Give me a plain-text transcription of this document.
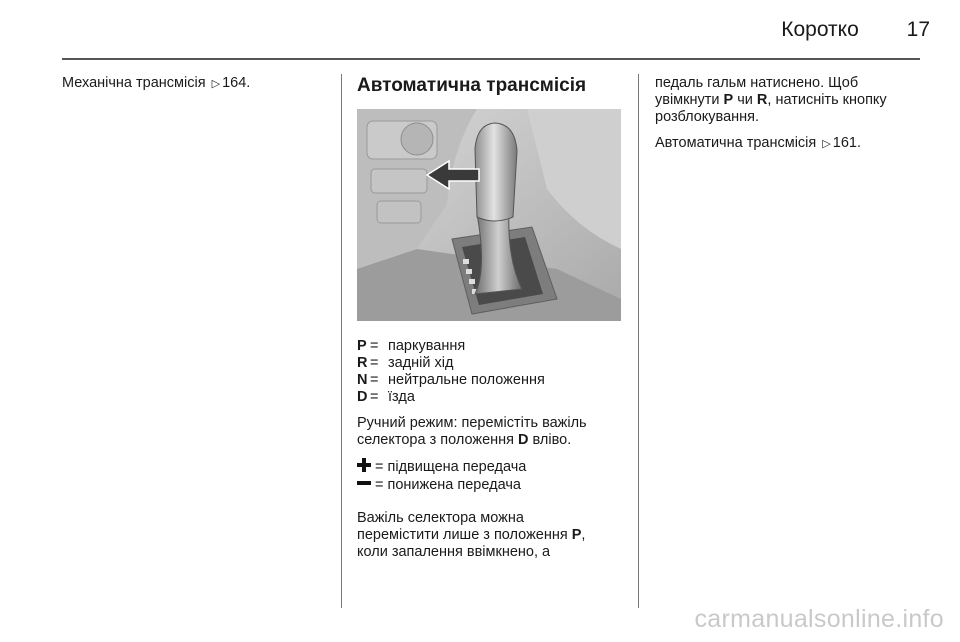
Коротко	17
Механічна трансмісія ▷ 164.	Автоматична трансмісія
P = паркування
R = задній хід
N = нейтральне положення
D = їзда
Ручний режим: перемістіть важіль
селектора з положення D вліво.
= підвищена передача
= понижена передача
Важіль селектора можна
перемістити лише з положення P,
коли запалення ввімкнено, а
педаль гальм натиснено. Щоб
увімкнути P чи R, натисніть кнопку
розблокування.
Автоматична трансмісія ▷ 161.
carmanualsonline.info
